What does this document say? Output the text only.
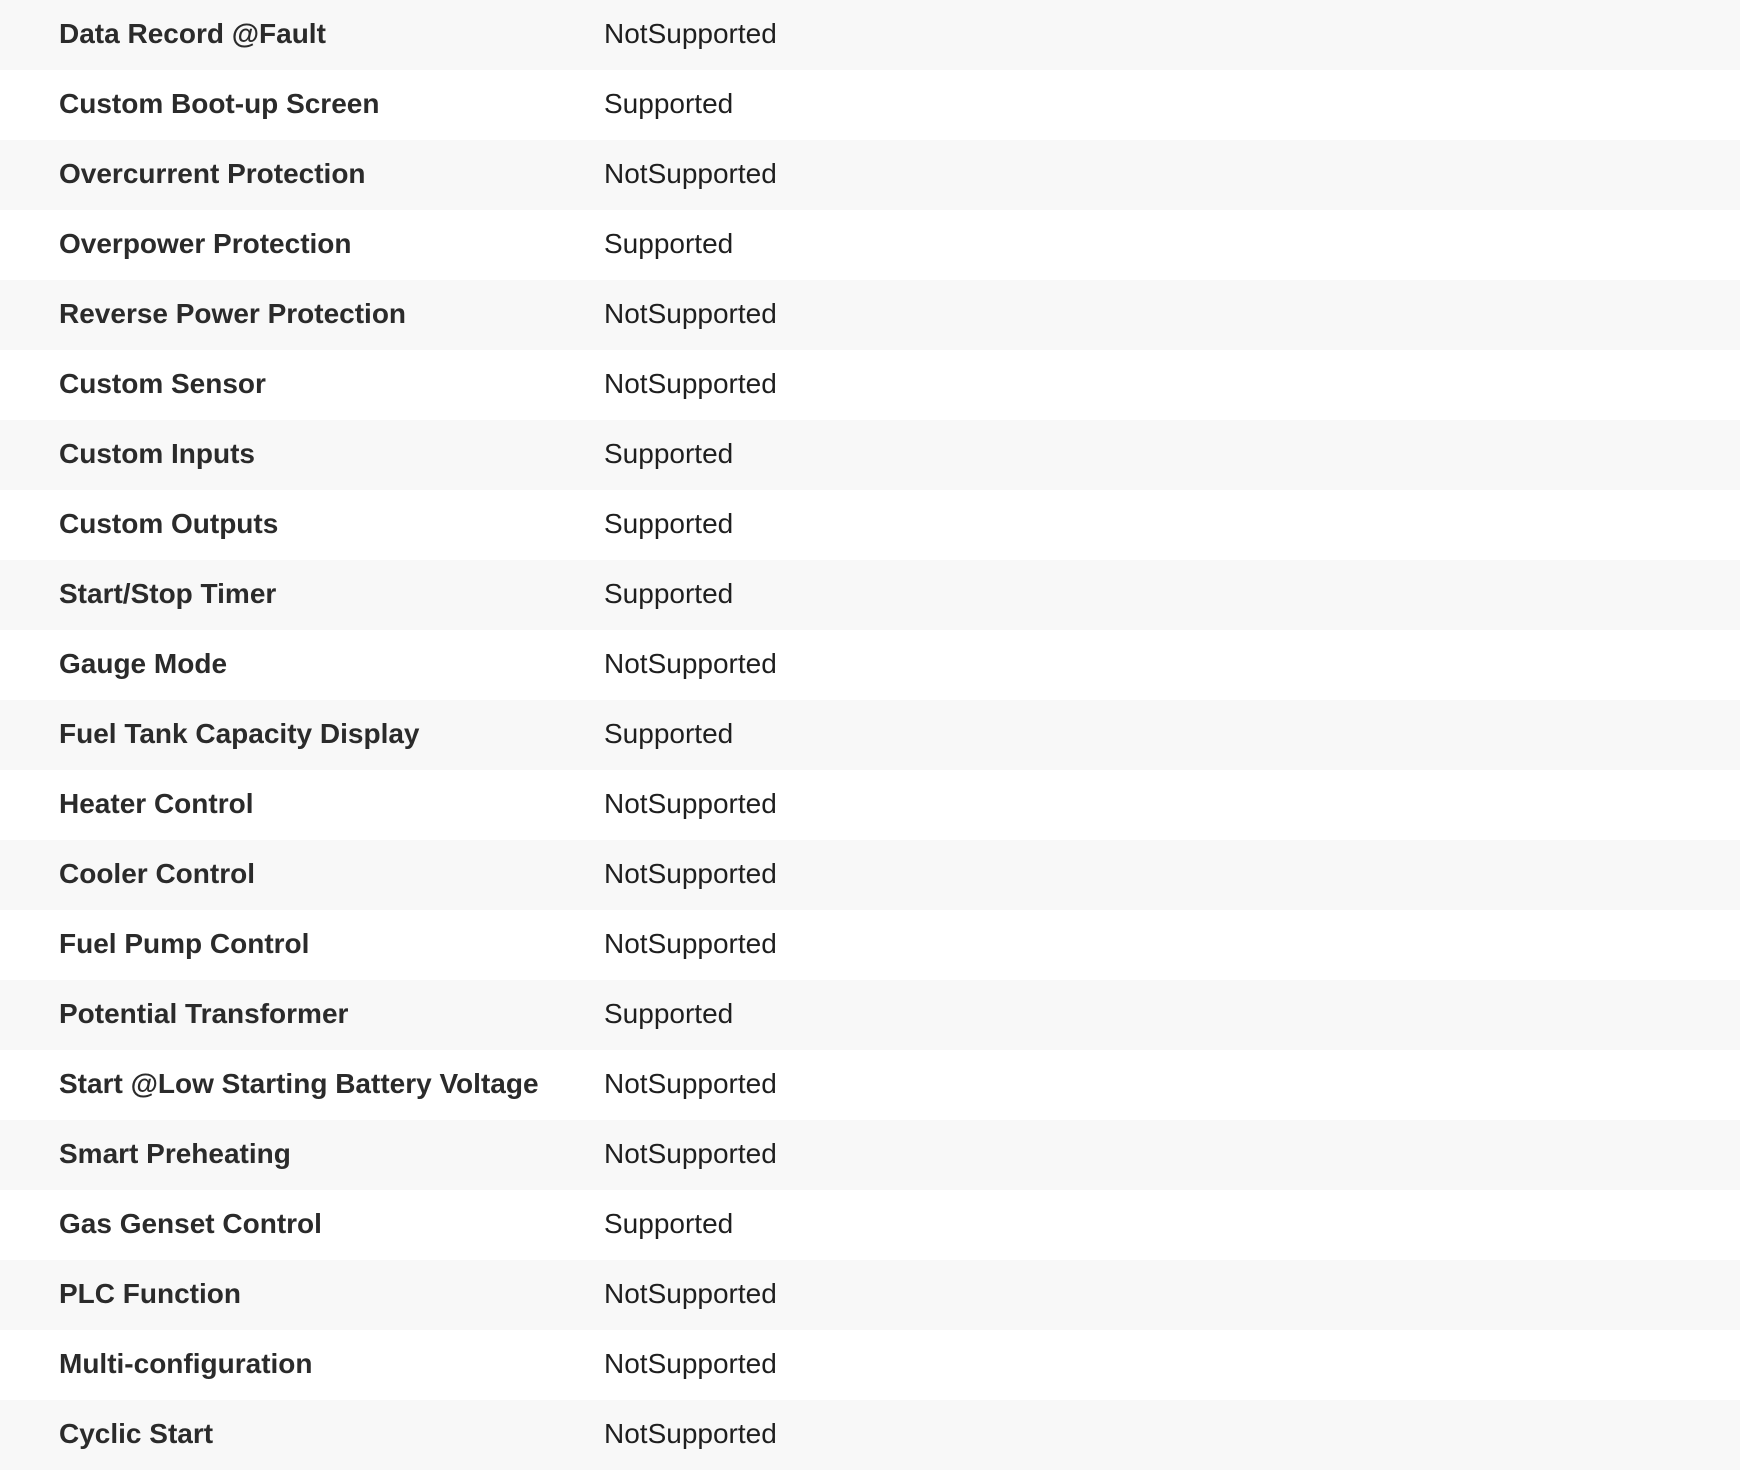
Data Record @Fault	NotSupported

Custom Boot-up Screen	Supported

Overcurrent Protection	NotSupported

Overpower Protection	Supported

Reverse Power Protection	NotSupported

Custom Sensor	NotSupported

Custom Inputs	Supported

Custom Outputs	Supported

Start/Stop Timer	Supported

Gauge Mode	NotSupported

Fuel Tank Capacity Display	Supported

Heater Control	NotSupported

Cooler Control	NotSupported

Fuel Pump Control	NotSupported

Potential Transformer	Supported

Start @Low Starting Battery Voltage	NotSupported

Smart Preheating	NotSupported

Gas Genset Control	Supported

PLC Function	NotSupported

Multi-configuration	NotSupported

Cyclic Start	NotSupported
